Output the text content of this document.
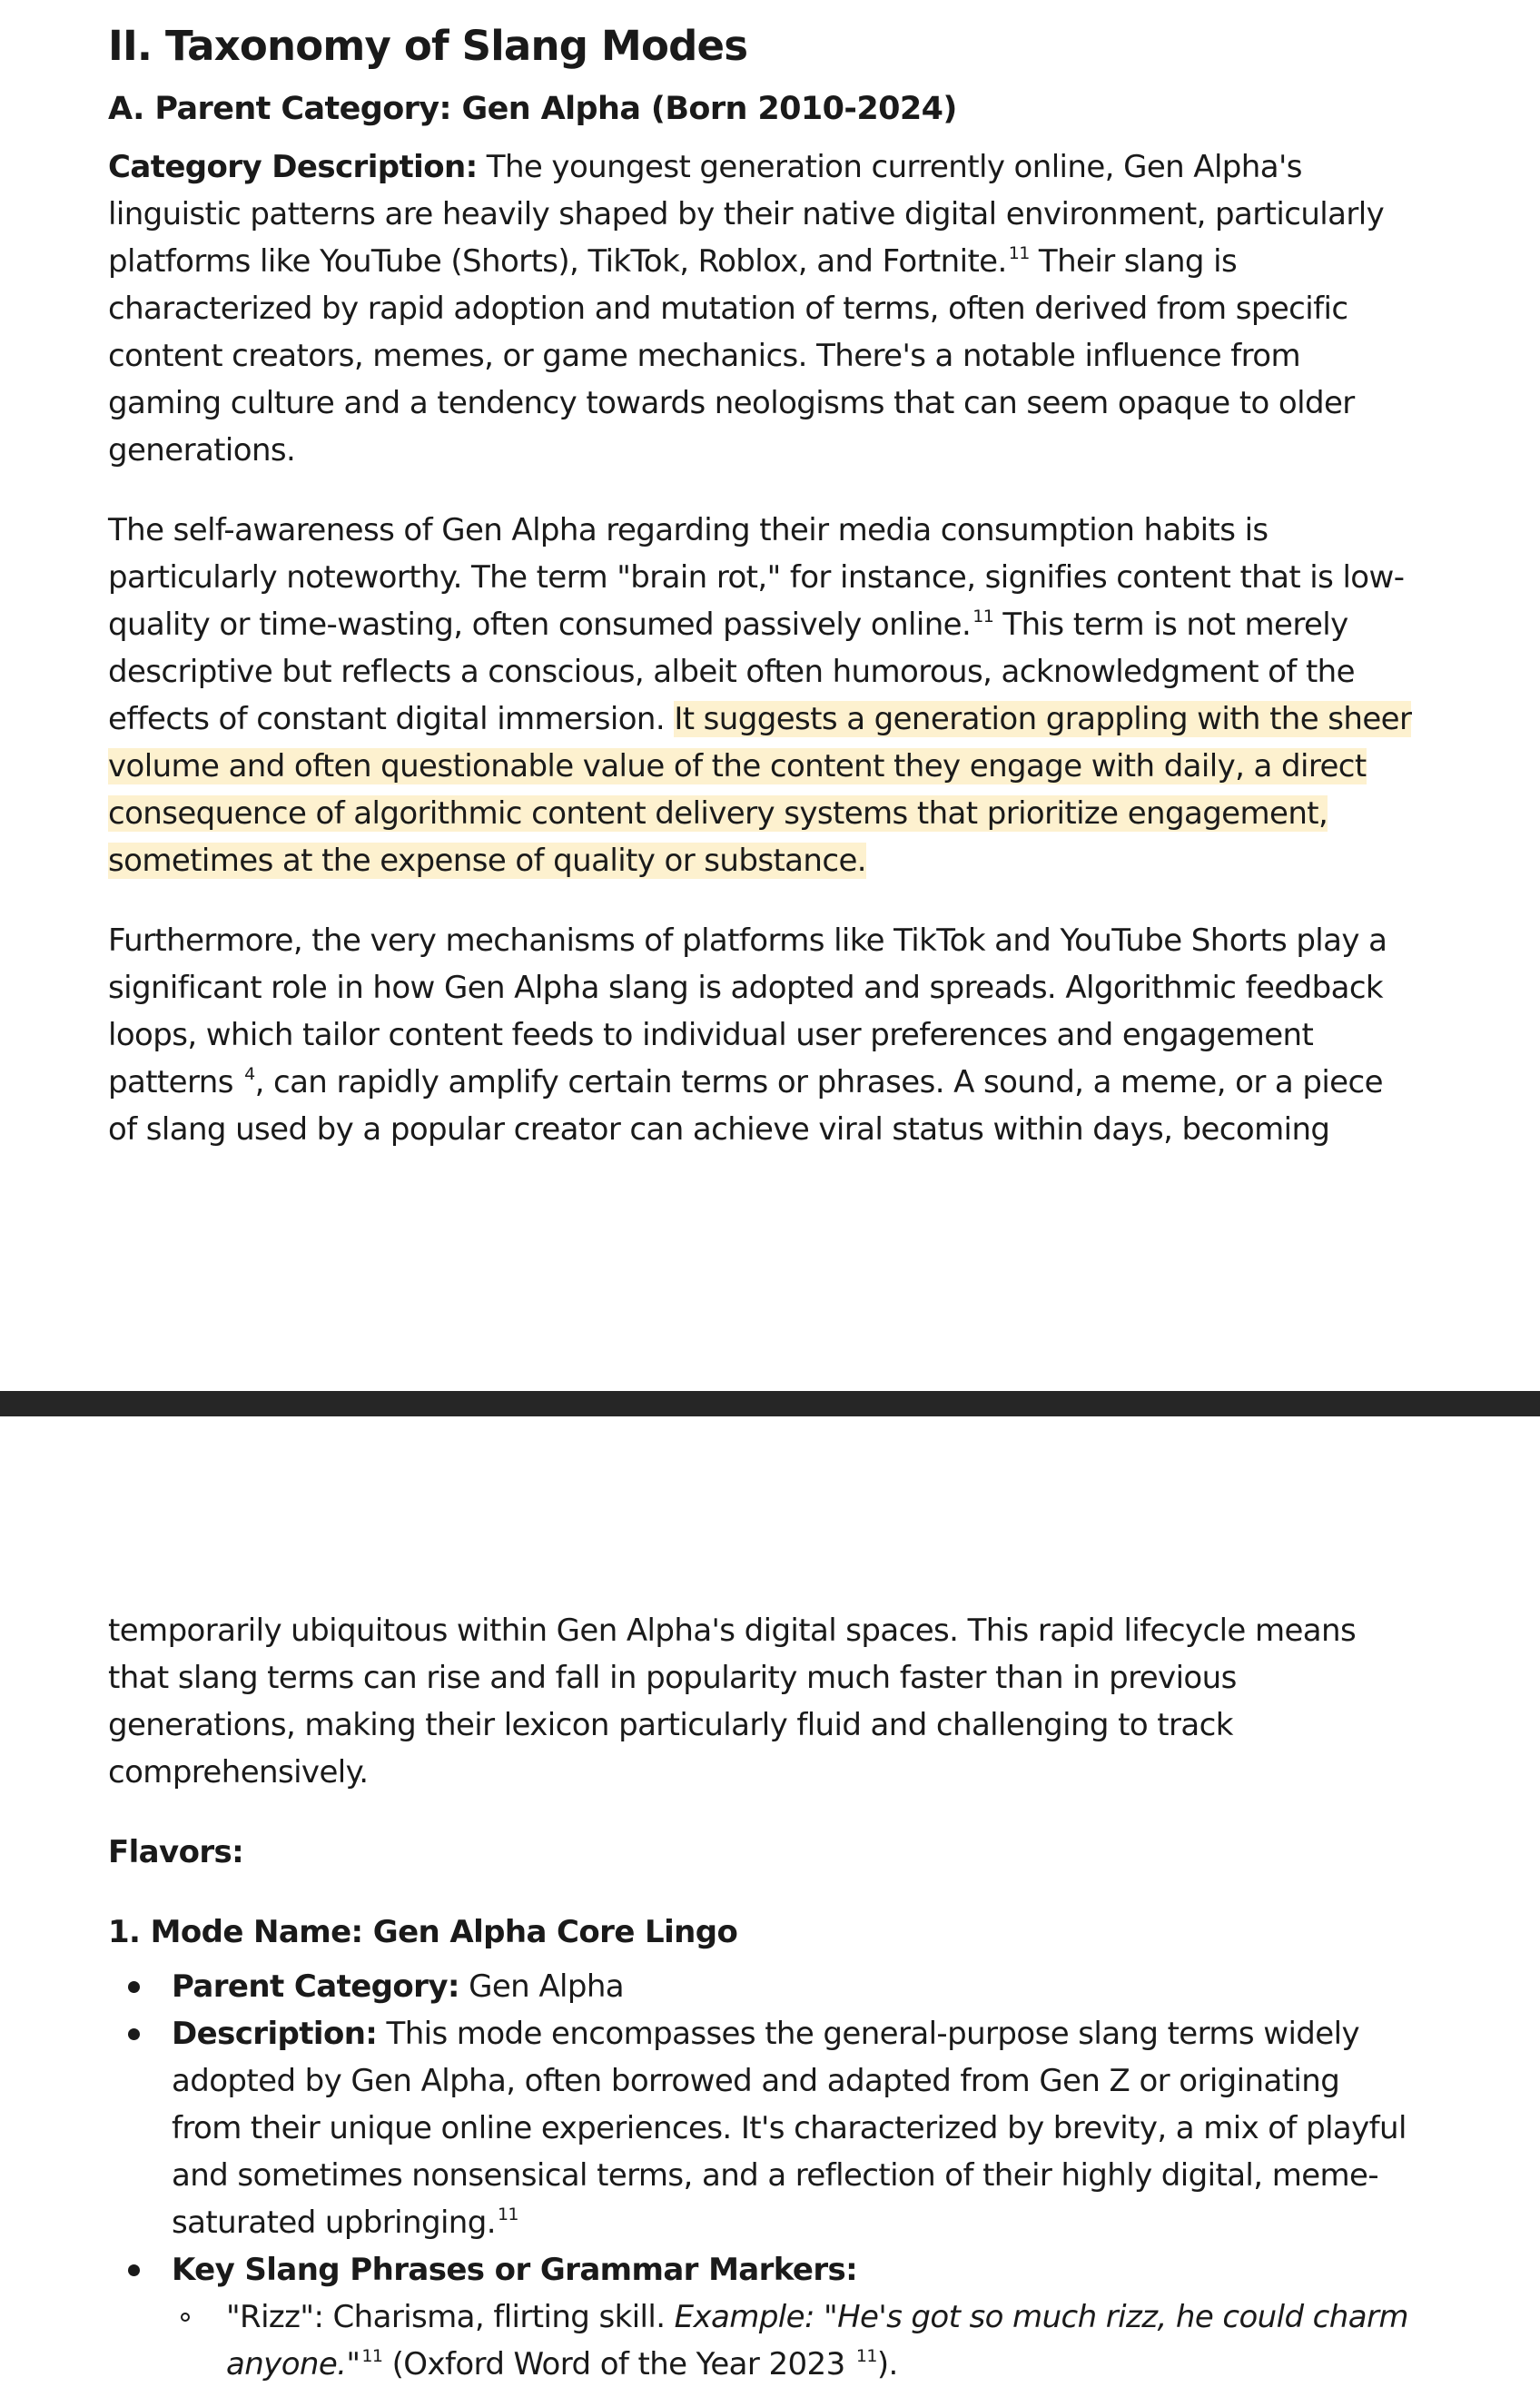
II. Taxonomy of Slang Modes
A. Parent Category: Gen Alpha (Born 2010-2024)

Category Description: The youngest generation currently online, Gen Alpha's linguistic patterns are heavily shaped by their native digital environment, particularly platforms like YouTube (Shorts), TikTok, Roblox, and Fortnite. $^{11}$ Their slang is characterized by rapid adoption and mutation of terms, often derived from specific content creators, memes, or game mechanics. There's a notable influence from gaming culture and a tendency towards neologisms that can seem opaque to older generations.

The self-awareness of Gen Alpha regarding their media consumption habits is particularly noteworthy. The term "brain rot," for instance, signifies content that is low-quality or time-wasting, often consumed passively online. $^{11}$ This term is not merely descriptive but reflects a conscious, albeit often humorous, acknowledgment of the effects of constant digital immersion. It suggests a generation grappling with the sheer volume and often questionable value of the content they engage with daily, a direct consequence of algorithmic content delivery systems that prioritize engagement, sometimes at the expense of quality or substance.

Furthermore, the very mechanisms of platforms like TikTok and YouTube Shorts play a significant role in how Gen Alpha slang is adopted and spreads. Algorithmic feedback loops, which tailor content feeds to individual user preferences and engagement patterns $^4$, can rapidly amplify certain terms or phrases. A sound, a meme, or a piece of slang used by a popular creator can achieve viral status within days, becoming

temporarily ubiquitous within Gen Alpha's digital spaces. This rapid lifecycle means that slang terms can rise and fall in popularity much faster than in previous generations, making their lexicon particularly fluid and challenging to track comprehensively.

Flavors:

1. Mode Name: Gen Alpha Core Lingo

Parent Category: Gen Alpha
Description: This mode encompasses the general-purpose slang terms widely adopted by Gen Alpha, often borrowed and adapted from Gen Z or originating from their unique online experiences. It's characterized by brevity, a mix of playful and sometimes nonsensical terms, and a reflection of their highly digital, meme-saturated upbringing. $^{11}$
Key Slang Phrases or Grammar Markers:
"Rizz": Charisma, flirting skill. Example: "He's got so much rizz, he could charm anyone." $^{11}$ (Oxford Word of the Year 2023 $^{11}$).
